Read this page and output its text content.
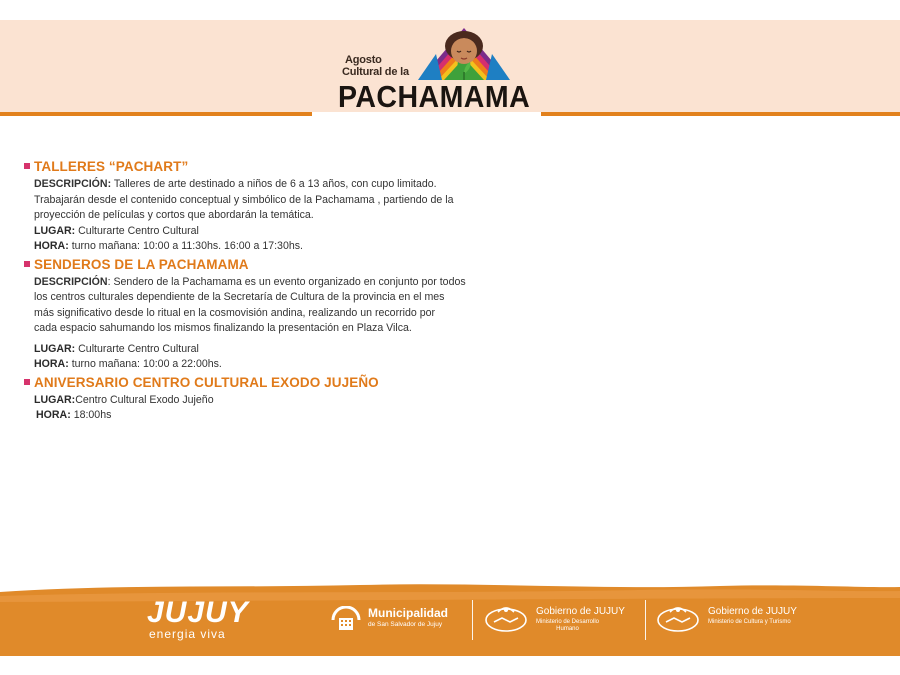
Agosto
Cultural de la
PACHAMAMA
TALLERES “PACHART”
DESCRIPCIÓN: Talleres de arte destinado a niños de 6 a 13 años, con cupo limitado.
Trabajarán desde el contenido conceptual y simbólico de la Pachamama , partiendo de la
proyección de películas y cortos que abordarán la temática.
LUGAR: Culturarte Centro Cultural
HORA: turno mañana: 10:00 a 11:30hs. 16:00 a 17:30hs.
SENDEROS DE LA PACHAMAMA
DESCRIPCIÓN: Sendero de la Pachamama es un evento organizado en conjunto por todos
los centros culturales dependiente de la Secretaría de Cultura de la provincia en el mes
más significativo desde lo ritual en la cosmovisión andina, realizando un recorrido por
cada espacio sahumando los mismos finalizando la presentación en Plaza Vilca.
LUGAR: Culturarte Centro Cultural
HORA: turno mañana: 10:00 a 22:00hs.
ANIVERSARIO CENTRO CULTURAL EXODO JUJEÑO
LUGAR:Centro Cultural Exodo Jujeño
HORA: 18:00hs
JUJUY
energia viva
Municipalidad
de San Salvador de Jujuy
Gobierno de JUJUY
Ministerio de Desarrollo
Humano
Gobierno de JUJUY
Ministerio de Cultura y Turismo
